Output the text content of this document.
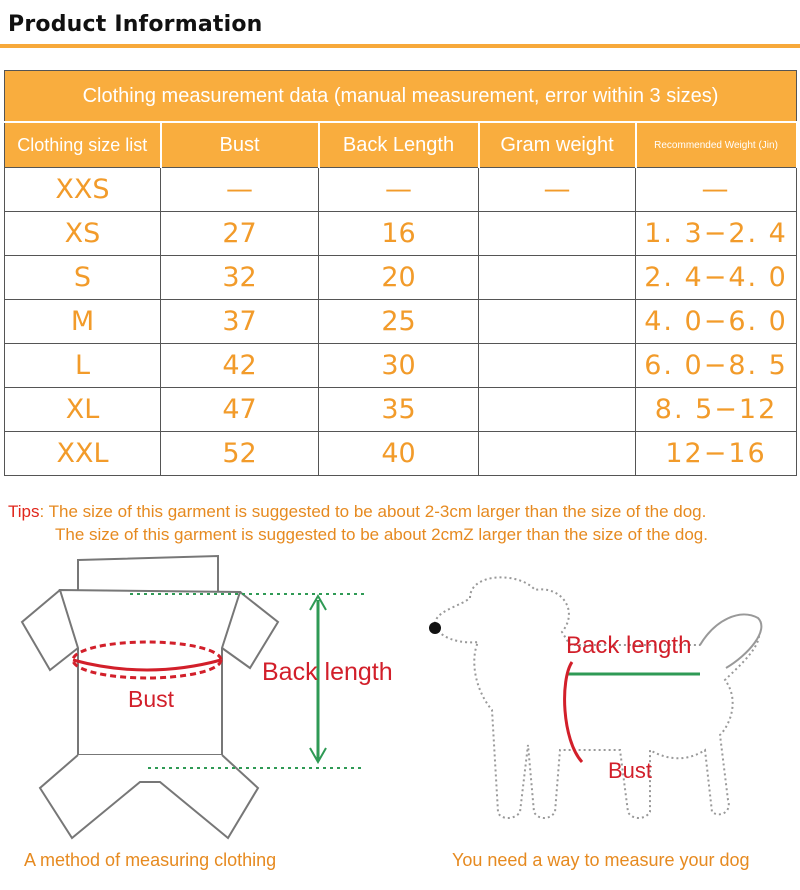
Product Information
Clothing measurement data (manual measurement, error within 3 sizes)				
Clothing size list	Bust	Back Length	Gram weight	Recommended Weight (Jin)
XXS	—	—	—	—
XS	27	16		1. 3−2. 4
S	32	20		2. 4−4. 0
M	37	25		4. 0−6. 0
L	42	30		6. 0−8. 5
XL	47	35		8. 5−12
XXL	52	40		12−16
Tips: The size of this garment is suggested to be about 2-3cm larger than the size of the dog.
The size of this garment is suggested to be about 2cmZ larger than the size of the dog.
Back length
Bust
Back length
Bust
A method of measuring clothing	You need a way to measure your dog
